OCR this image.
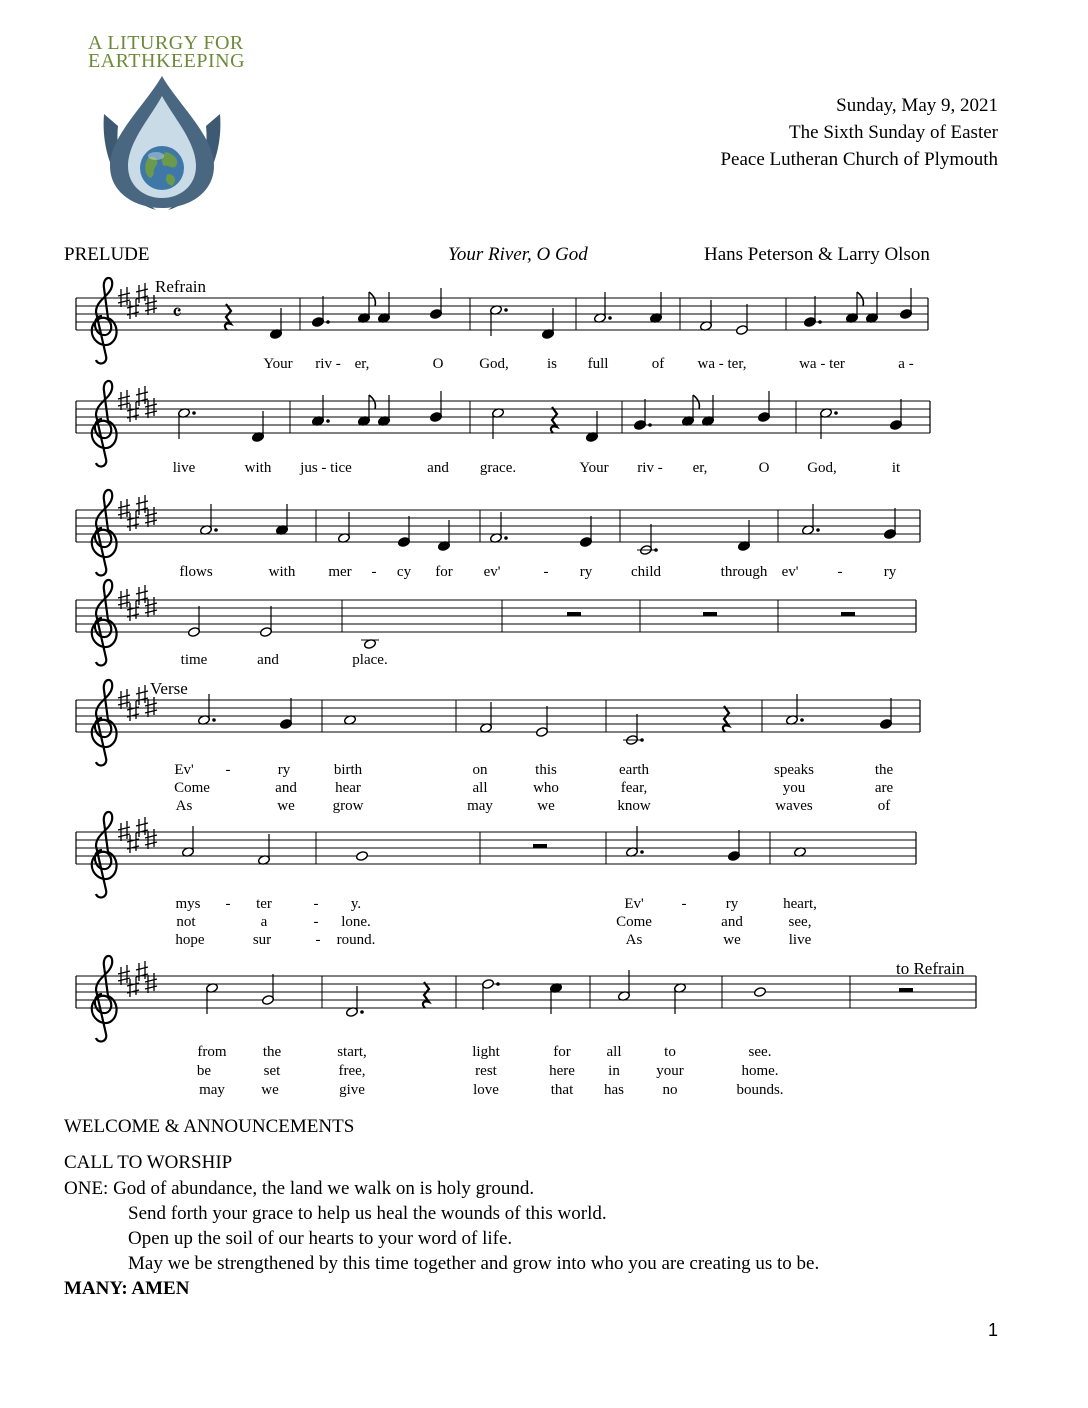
A LITURGY FOR
EARTHKEEPING
Sunday, May 9, 2021
The Sixth Sunday of Easter
Peace Lutheran Church of Plymouth
PRELUDE	Your River, O God	Hans Peterson & Larry Olson
𝄴
Refrain
Verse
to Refrain
Your riv - er,	O God,	is full	of wa - ter,	wa - ter	a -
live	with jus - tice	and grace.	Your riv - er,	O	God,	it
flows	with mer - cy for ev'	- ry	child	through ev'	-	ry
time	and	place.
Ev' -	ry	birth	on	this	earth	speaks	the
Come	and	hear	all	who	fear,	you	are
As	we	grow	may	we	know	waves	of
mys - ter	- y.	Ev'	-	ry	heart,
not	a	- lone.	Come	and	see,
hope	sur	- round.	As	we	live
from the	start,	light	for all	to	see.
be	set	free,	rest	here in your	home.
may we	give	love	that has	no	bounds.
WELCOME & ANNOUNCEMENTS
CALL TO WORSHIP
ONE: God of abundance, the land we walk on is holy ground.
Send forth your grace to help us heal the wounds of this world.
Open up the soil of our hearts to your word of life.
May we be strengthened by this time together and grow into who you are creating us to be.
MANY: AMEN
1
